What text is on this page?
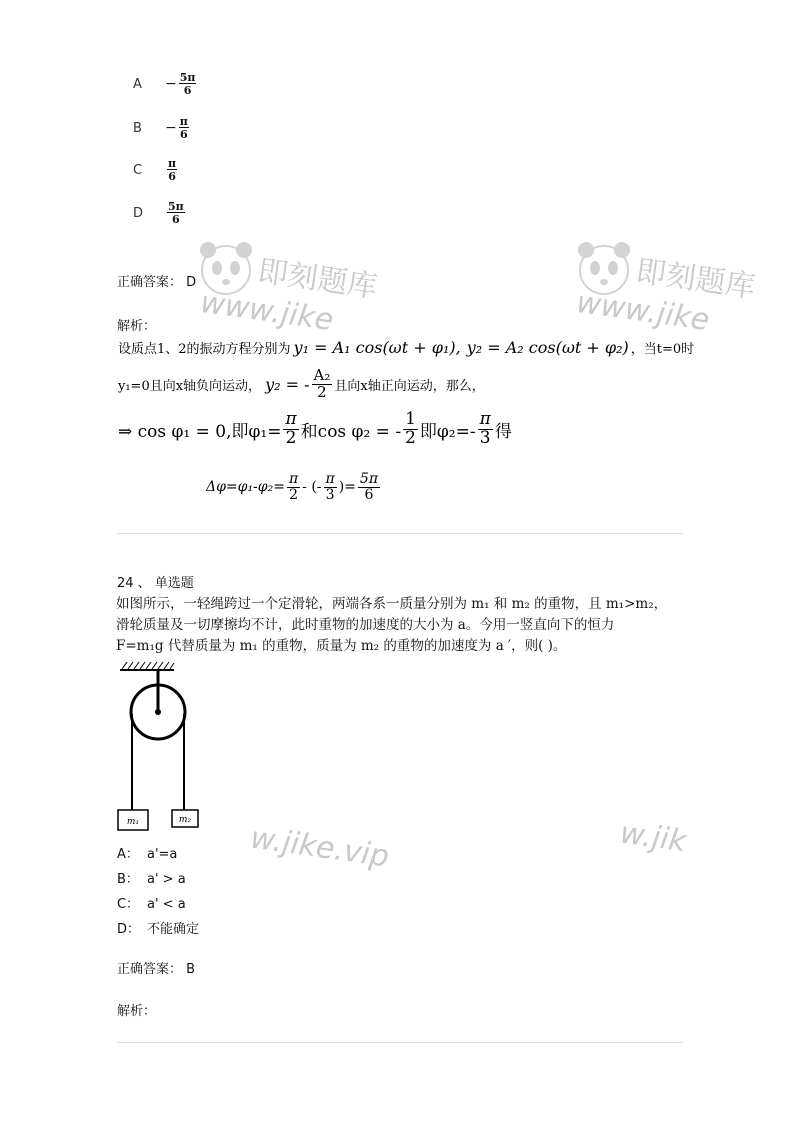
A	− $\frac{5\pi}{6}$
B	− $\frac{\pi}{6}$
C	$\frac{\pi}{6}$
D	$\frac{5\pi}{6}$
即刻题库
www.jike
即刻题库
www.jike
正确答案： D
解析：
设质点1、2的振动方程分别为 y₁ = A₁ cos(ωt + φ₁), y₂ = A₂ cos(ωt + φ₂) ，当t=0时
y₁=0且向x轴负向运动， y₂ = - A₂
2 且向x轴正向运动，那么，
⇒ cos φ₁ = 0,即$\varphi_1= \frac{\pi}{2}$ 和cos φ₂ = -
1
2 即φ₂=-
π
3 得
$\Delta\varphi=\varphi_1-\varphi_2= \frac{\pi}{2}$ - (-
π
3 )= $\frac{5\pi}{6}$
24 、 单选题
如图所示，一轻绳跨过一个定滑轮，两端各系一质量分别为 m₁ 和 m₂ 的重物，且 m₁>m₂，
滑轮质量及一切摩擦均不计，此时重物的加速度的大小为 a。今用一竖直向下的恒力
F=m₁g 代替质量为 m₁ 的重物，质量为 m₂ 的重物的加速度为 a ′，则( )。
m₁	m₂
w.jike.vip	w.jik
A： a'=a
B： a' > a
C： a' < a
D： 不能确定
正确答案： B
解析：
